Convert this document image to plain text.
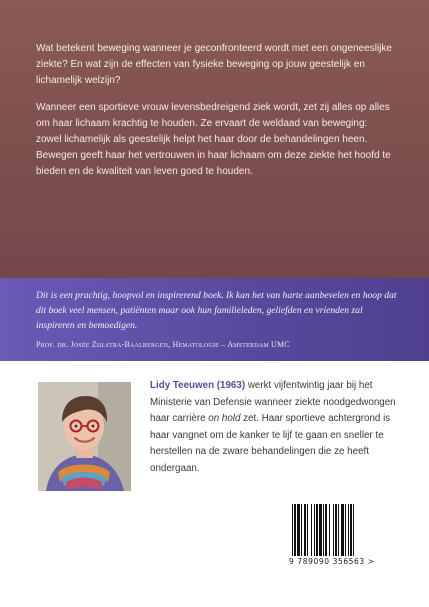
Wat betekent beweging wanneer je geconfronteerd wordt met een ongeneeslijke ziekte? En wat zijn de effecten van fysieke beweging op jouw geestelijk en lichamelijk welzijn?

Wanneer een sportieve vrouw levensbedreigend ziek wordt, zet zij alles op alles om haar lichaam krachtig te houden. Ze ervaart de weldaad van beweging: zowel lichamelijk als geestelijk helpt het haar door de behandelingen heen. Bewegen geeft haar het vertrouwen in haar lichaam om deze ziekte het hoofd te bieden en de kwaliteit van leven goed te houden.

Dit is een prachtig, hoopvol en inspirerend boek. Ik kan het van harte aanbevelen en hoop dat dit boek veel mensen, patiënten maar ook hun familieleden, geliefden en vrienden zal inspireren en bemoedigen.
Prof. dr. Josée Zijlstra-Baalbergen, Hematologie – Amsterdam UMC
Lidy Teeuwen (1963) werkt vijfentwintig jaar bij het Ministerie van Defensie wanneer ziekte noodgedwongen haar carrière on hold zet. Haar sportieve achtergrond is haar vangnet om de kanker te lijf te gaan en sneller te herstellen na de zware behandelingen die ze heeft ondergaan.
9 789090 356563 >
